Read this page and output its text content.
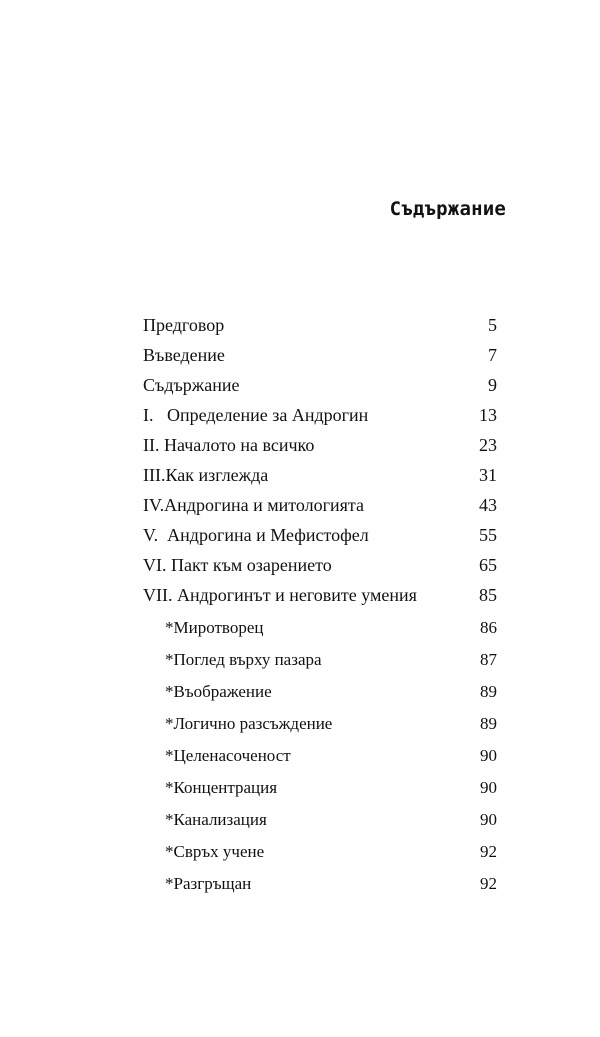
Съдържание
Предговор	5
Въведение	7
Съдържание	9
I.   Определение за Андрогин	13
II. Началото на всичко	23
III.Как изглежда	31
IV.Андрогина и митологията	43
V.  Андрогина и Мефистофел	55
VI. Пакт към озарението	65
VII. Андрогинът и неговите умения	85
*Миротворец	86
*Поглед върху пазара	87
*Въображение	89
*Логично разсъждение	89
*Целенасоченост	90
*Концентрация	90
*Канализация	90
*Свръх учене	92
*Разгръщан	92
